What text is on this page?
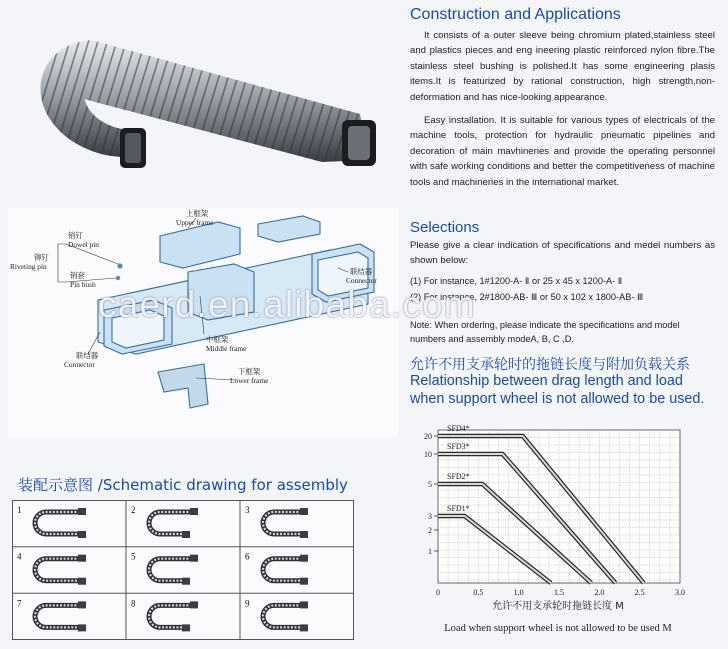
Construction and Applications

It consists of a outer sleeve being chromium plated,stainless steel and plastics pieces and eng ineering plastic reinforced nylon fibre.The stainless steel bushing is polished.It has some engineering plasis items.It is featurized by rational construction, high strength,non-deformation and has nice-looking appearance.

Easy installation. It is suitable for various types of electricals of the machine tools, protection for hydraulic pneumatic pipelines and decoration of main mavhineries and provide the operating personnel with safe working conditions and better the competitiveness of machine tools and machineries in the international market.

销钉
Dowel pin
铆钉
Riveting pin
销套
Pin bush
上框架
Upper frame
联结器
Connector
联结器
Connector
中框架
Middle frame
下框架
Lower frame
Selections

Please give a clear indication of specifications and medel numbers as shown below:

(1) For instance, 1#1200-A- Ⅱ or 25 x 45 x 1200-A- Ⅱ
(2) For instance, 2#1800-AB- Ⅲ or 50 x 102 x 1800-AB- Ⅲ

Note: When ordering, please indicate the specifications and model numbers and assembly modeA, B, C ,D.

caerd.en.alibaba.com
允许不用支承轮时的拖链长度与附加负载关系
Relationship between drag length and load when support wheel is not allowed to be used.
装配示意图 /Schematic drawing for assembly
1	2	3
4	5	6
7	8	9
SFD4*
SFD3*
SFD2*
SFD1*
1
2
3
5
10
20
0	0.5	1.0	1.5	2.0	2.5	3.0
允许不用支承轮时拖链长度 M
Load when support wheel is not allowed to be used M
